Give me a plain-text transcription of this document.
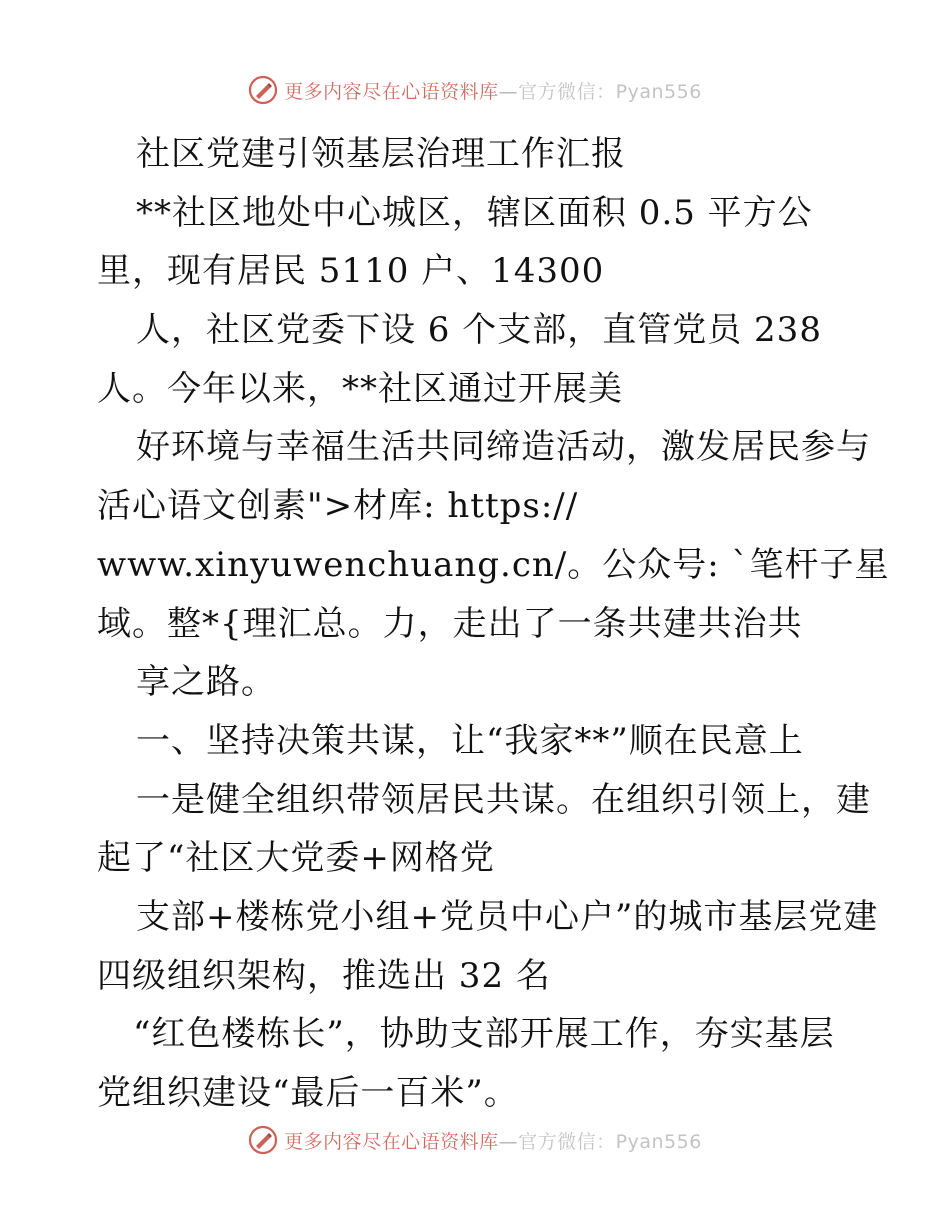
更多内容尽在心语资料库—官方微信：Pyan556
社区党建引领基层治理工作汇报
**社区地处中心城区，辖区面积 0.5 平方公
里，现有居民 5110 户、14300
人，社区党委下设 6 个支部，直管党员 238
人。今年以来，**社区通过开展美
好环境与幸福生活共同缔造活动，激发居民参与
活心语文创素">材库: https://
www.xinyuwenchuang.cn/。公众号: `笔杆子星
域。整*{理汇总。力，走出了一条共建共治共
享之路。
一、坚持决策共谋，让“我家**”顺在民意上
一是健全组织带领居民共谋。在组织引领上，建
起了“社区大党委+网格党
支部+楼栋党小组+党员中心户”的城市基层党建
四级组织架构，推选出 32 名
“红色楼栋长”，协助支部开展工作，夯实基层
党组织建设“最后一百米”。
更多内容尽在心语资料库—官方微信：Pyan556
